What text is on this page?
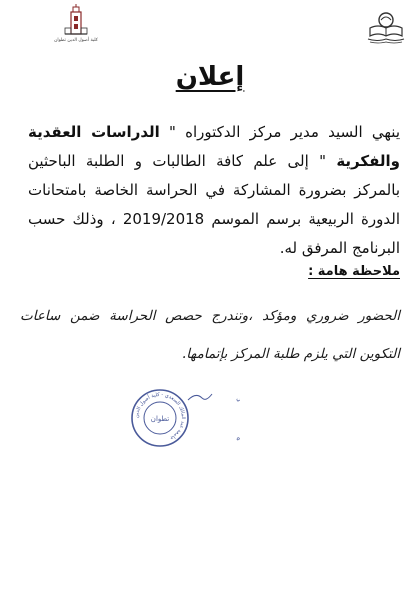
كلية أصول الدين تطوان
إعلان
ينهي السيد مدير مركز الدكتوراه " الدراسات العقدية والفكرية " إلى علم كافة الطالبات و الطلبة الباحثين بالمركز بضرورة المشاركة في الحراسة الخاصة بامتحانات الدورة الربيعية برسم الموسم 2019/2018 ، وذلك حسب البرنامج المرفق له.
ملاحظة هامة :
الحضور ضروري ومؤكد ،وتندرج حصص الحراسة ضمن ساعات
التكوين التي يلزم طلبة المركز بإتمامها.
جامعة عبد المالك السعدي - كلية أصول الدين
تطوان
ه
